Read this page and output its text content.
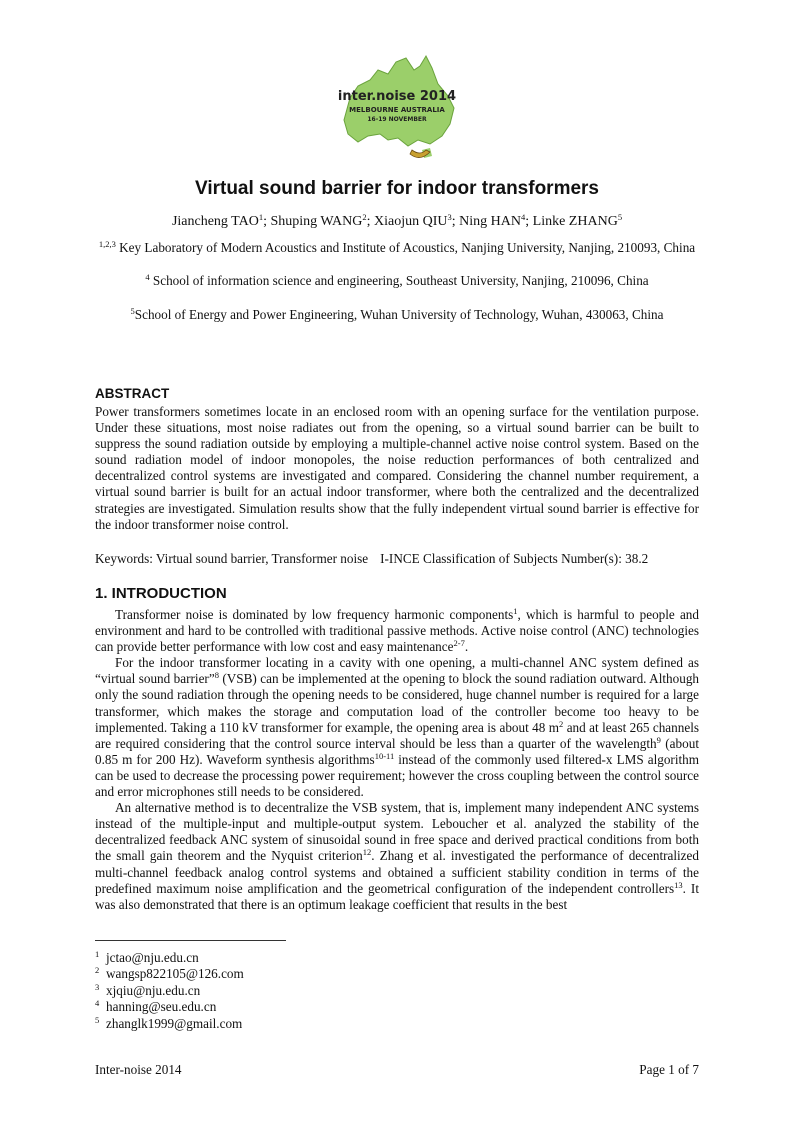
inter.noise 2014
MELBOURNE AUSTRALIA
16-19 NOVEMBER
Virtual sound barrier for indoor transformers
Jiancheng TAO$^1$; Shuping WANG$^2$; Xiaojun QIU$^3$; Ning HAN$^4$; Linke ZHANG$^5$
$^{1,2,3}$ Key Laboratory of Modern Acoustics and Institute of Acoustics, Nanjing University, Nanjing, 210093, China
$^4$ School of information science and engineering, Southeast University, Nanjing, 210096, China
$^5$School of Energy and Power Engineering, Wuhan University of Technology, Wuhan, 430063, China
ABSTRACT

Power transformers sometimes locate in an enclosed room with an opening surface for the ventilation purpose. Under these situations, most noise radiates out from the opening, so a virtual sound barrier can be built to suppress the sound radiation outside by employing a multiple-channel active noise control system. Based on the sound radiation model of indoor monopoles, the noise reduction performances of both centralized and decentralized control systems are investigated and compared. Considering the channel number requirement, a virtual sound barrier is built for an actual indoor transformer, where both the centralized and the decentralized strategies are investigated. Simulation results show that the fully independent virtual sound barrier is effective for the indoor transformer noise control.

Keywords: Virtual sound barrier, Transformer noise I-INCE Classification of Subjects Number(s): 38.2
1. INTRODUCTION

Transformer noise is dominated by low frequency harmonic components$^1$, which is harmful to people and environment and hard to be controlled with traditional passive methods. Active noise control (ANC) technologies can provide better performance with low cost and easy maintenance$^{2-7}$.

For the indoor transformer locating in a cavity with one opening, a multi-channel ANC system defined as “virtual sound barrier”$^8$ (VSB) can be implemented at the opening to block the sound radiation outward. Although only the sound radiation through the opening needs to be considered, huge channel number is required for a large transformer, which makes the storage and computation load of the controller become too heavy to be implemented. Taking a 110 kV transformer for example, the opening area is about 48 $m^2$ and at least 265 channels are required considering that the control source interval should be less than a quarter of the wavelength$^9$ (about 0.85 m for 200 Hz). Waveform synthesis algorithms$^{10-11}$ instead of the commonly used filtered-x LMS algorithm can be used to decrease the processing power requirement; however the cross coupling between the control source and error microphones still needs to be considered.

An alternative method is to decentralize the VSB system, that is, implement many independent ANC systems instead of the multiple-input and multiple-output system. Leboucher et al. analyzed the stability of the decentralized feedback ANC system of sinusoidal sound in free space and derived practical conditions from both the small gain theorem and the Nyquist criterion$^{12}$. Zhang et al. investigated the performance of decentralized multi-channel feedback analog control systems and obtained a sufficient stability condition in terms of the predefined maximum noise amplification and the geometrical configuration of the independent controllers$^{13}$. It was also demonstrated that there is an optimum leakage coefficient that results in the best

1 jctao@nju.edu.cn
2 wangsp822105@126.com
3 xjqiu@nju.edu.cn
4 hanning@seu.edu.cn
5 zhanglk1999@gmail.com
Inter-noise 2014	Page 1 of 7
